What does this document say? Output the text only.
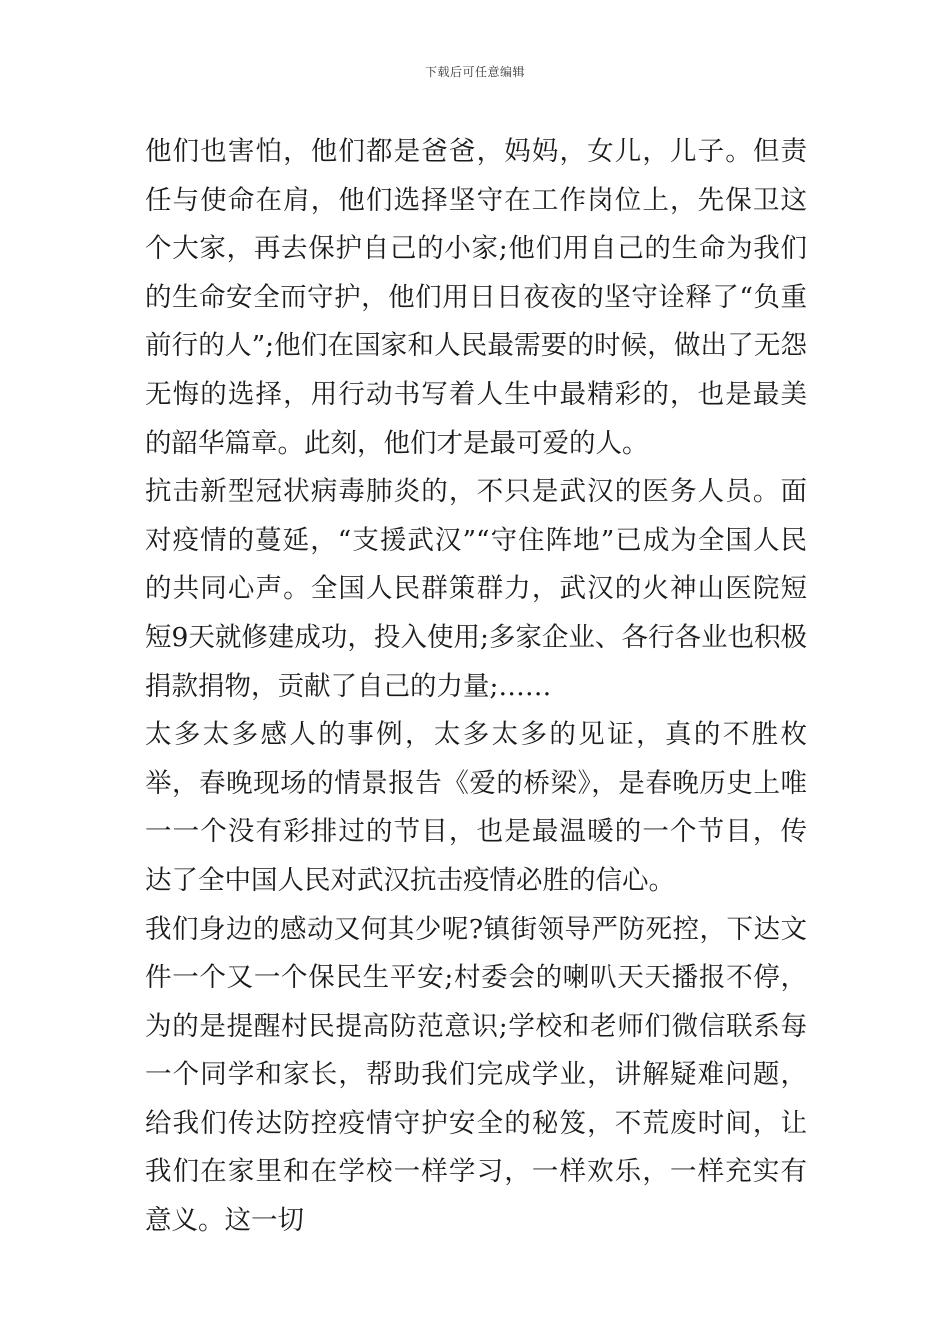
下载后可任意编辑

他们也害怕，他们都是爸爸，妈妈，女儿，儿子。但责任与使命在肩，他们选择坚守在工作岗位上，先保卫这个大家，再去保护自己的小家;他们用自己的生命为我们的生命安全而守护，他们用日日夜夜的坚守诠释了“负重前行的人”;他们在国家和人民最需要的时候，做出了无怨无悔的选择，用行动书写着人生中最精彩的，也是最美的韶华篇章。此刻，他们才是最可爱的人。

抗击新型冠状病毒肺炎的，不只是武汉的医务人员。面对疫情的蔓延，“支援武汉”“守住阵地”已成为全国人民的共同心声。全国人民群策群力，武汉的火神山医院短短9天就修建成功，投入使用;多家企业、各行各业也积极捐款捐物，贡献了自己的力量;……

太多太多感人的事例，太多太多的见证，真的不胜枚举，春晚现场的情景报告《爱的桥梁》，是春晚历史上唯一一个没有彩排过的节目，也是最温暖的一个节目，传达了全中国人民对武汉抗击疫情必胜的信心。

我们身边的感动又何其少呢?镇街领导严防死控，下达文件一个又一个保民生平安;村委会的喇叭天天播报不停，为的是提醒村民提高防范意识;学校和老师们微信联系每一个同学和家长，帮助我们完成学业，讲解疑难问题，给我们传达防控疫情守护安全的秘笈，不荒废时间，让我们在家里和在学校一样学习，一样欢乐，一样充实有意义。这一切
